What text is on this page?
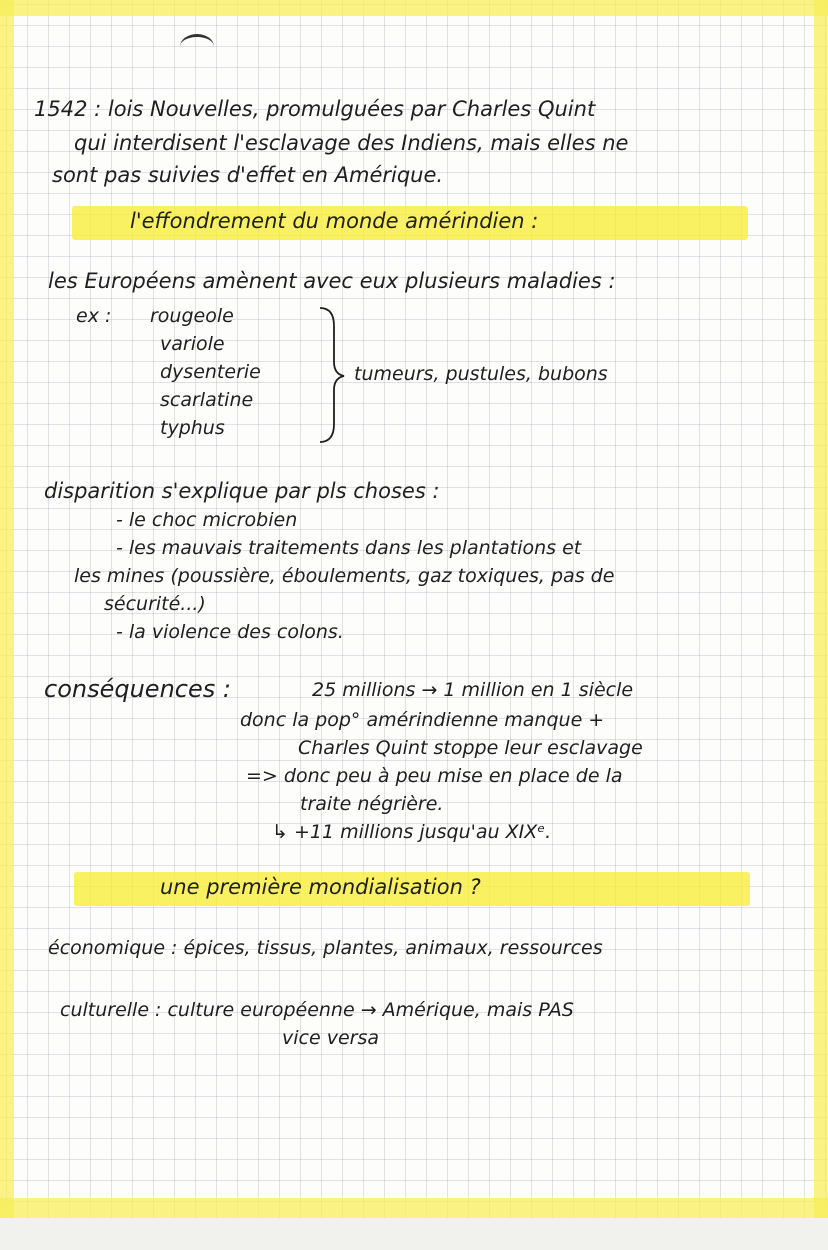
1542 : lois Nouvelles, promulguées par Charles Quint
qui interdisent l'esclavage des Indiens, mais elles ne
sont pas suivies d'effet en Amérique.
l'effondrement du monde amérindien :
les Européens amènent avec eux plusieurs maladies :
ex : rougeole
variole
dysenterie
scarlatine
typhus
tumeurs, pustules, bubons
disparition s'explique par pls choses :
- le choc microbien
- les mauvais traitements dans les plantations et
les mines (poussière, éboulements, gaz toxiques, pas de
sécurité...)
- la violence des colons.
conséquences :	25 millions → 1 million en 1 siècle
donc la pop° amérindienne manque +
Charles Quint stoppe leur esclavage
=> donc peu à peu mise en place de la
traite négrière.
↳ +11 millions jusqu'au XIXᵉ.
une première mondialisation ?
économique : épices, tissus, plantes, animaux, ressources
culturelle : culture européenne → Amérique, mais PAS
vice versa
